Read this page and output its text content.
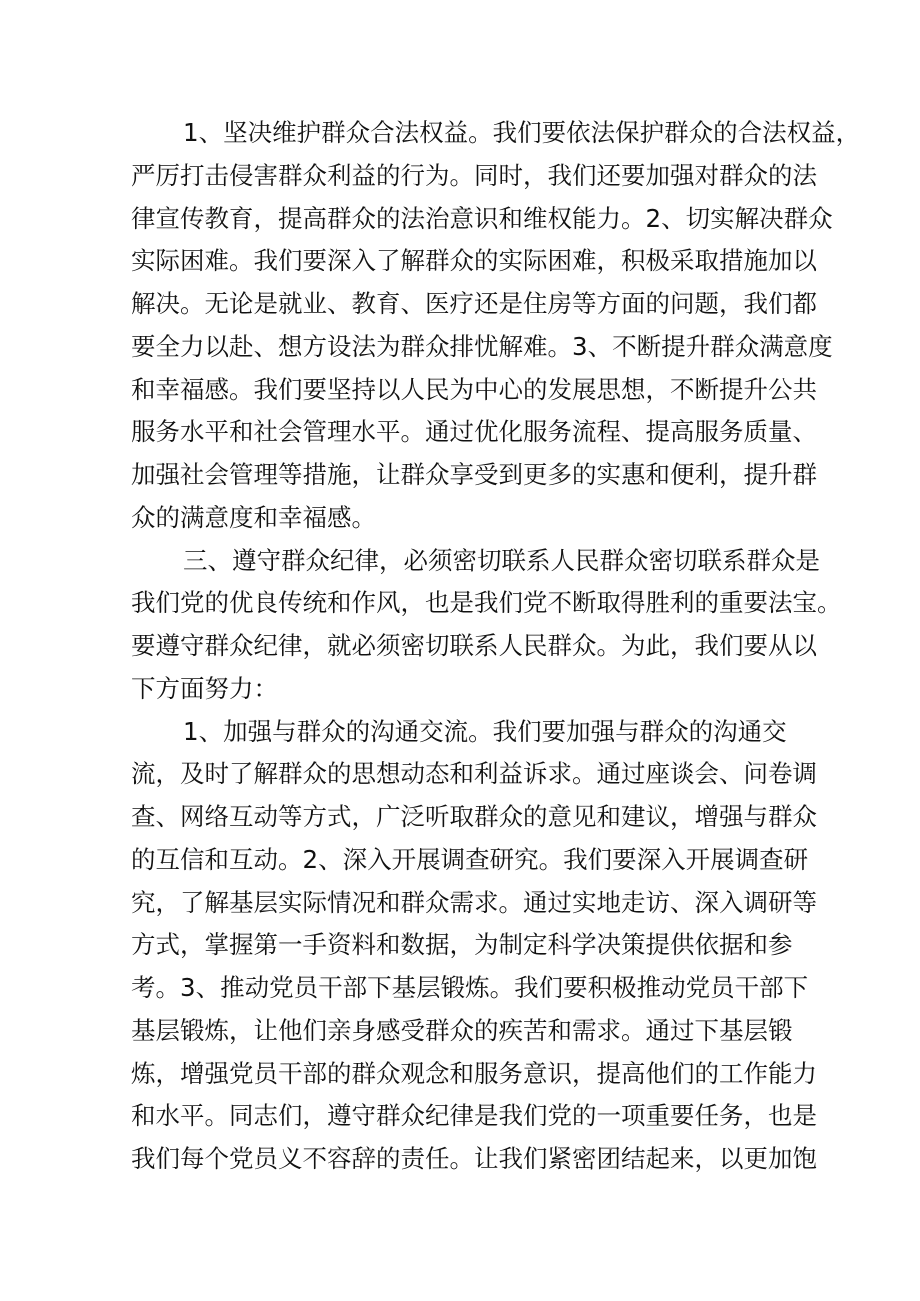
1、坚决维护群众合法权益。我们要依法保护群众的合法权益，
严厉打击侵害群众利益的行为。同时，我们还要加强对群众的法
律宣传教育，提高群众的法治意识和维权能力。2、切实解决群众
实际困难。我们要深入了解群众的实际困难，积极采取措施加以
解决。无论是就业、教育、医疗还是住房等方面的问题，我们都
要全力以赴、想方设法为群众排忧解难。3、不断提升群众满意度
和幸福感。我们要坚持以人民为中心的发展思想，不断提升公共
服务水平和社会管理水平。通过优化服务流程、提高服务质量、
加强社会管理等措施，让群众享受到更多的实惠和便利，提升群
众的满意度和幸福感。
三、遵守群众纪律，必须密切联系人民群众密切联系群众是
我们党的优良传统和作风，也是我们党不断取得胜利的重要法宝。
要遵守群众纪律，就必须密切联系人民群众。为此，我们要从以
下方面努力：
1、加强与群众的沟通交流。我们要加强与群众的沟通交
流，及时了解群众的思想动态和利益诉求。通过座谈会、问卷调
查、网络互动等方式，广泛听取群众的意见和建议，增强与群众
的互信和互动。2、深入开展调查研究。我们要深入开展调查研
究，了解基层实际情况和群众需求。通过实地走访、深入调研等
方式，掌握第一手资料和数据，为制定科学决策提供依据和参
考。3、推动党员干部下基层锻炼。我们要积极推动党员干部下
基层锻炼，让他们亲身感受群众的疾苦和需求。通过下基层锻
炼，增强党员干部的群众观念和服务意识，提高他们的工作能力
和水平。同志们，遵守群众纪律是我们党的一项重要任务，也是
我们每个党员义不容辞的责任。让我们紧密团结起来，以更加饱
